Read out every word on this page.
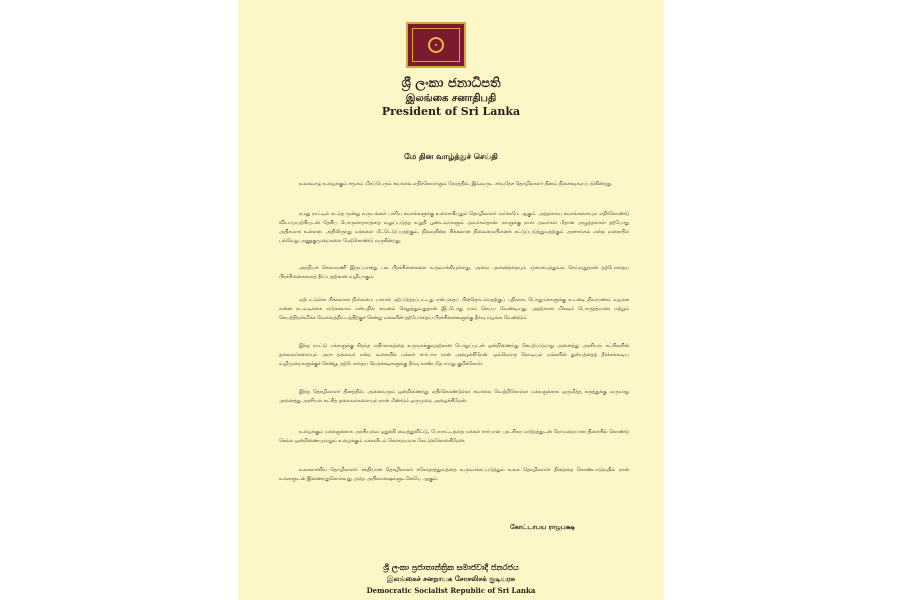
ශ්‍රී ලංකා ජනාධිපති
இலங்கை சனாதிபதி
President of Sri Lanka
மே தின வாழ்த்துச் செய்தி
உலகவாழ் உழைக்கும் சமூகம் மிகப்பெரும் சவாலை எதிர்கொள்ளும் நேரத்தில், இவ்வருட சர்வதேச தொழிலாளர் தினம் நினைவுகூரப்படுகின்றது.
நமது நாட்டில் கடந்த மூன்று வருடங்கள் பாரிய சவால்களுக்கு உள்ளாகியதும் தொழிலாளர் வர்க்கமே ஆகும். அத்தகைய சவால்களையும் எதிர்கொண்டு விடாமுயற்சியுடன் தேசிய பொருளாதாரத்தை வலுப்படுத்த உறுதி பூண்டவர்களும் அவர்கள்தான். நாளுக்கு நாள் அவர்கள் மீதான அழுத்தங்கள் தற்போது அதிகமாக உள்ளன. அதிலிருந்து மக்களை மீட்டெடுப்பதற்கும், நிலவுகின்ற சிக்கலான நிலைமையினைக் கட்டுப்படுத்துவதற்கும் அரசாங்கம் என்ற வகையில் பல்வேறு அணுகுமுறைகளை மேற்கொண்டு வருகின்றது.
அந்நியச் செலாவணி இருப்பானது பல பிரச்சினைகளை உருவாக்கியுள்ளது. அவை அனைத்தையும் முகாமைத்துவம் செய்வதுதான் தற்போதைய பிரச்சினைகளைத் தீர்ப்பதற்கான வழியாகும்.
ஏற்பட்டுள்ள சிக்கலான நிலைமை யாரால் ஏற்படுத்தப்பட்டது என்பதைப் பின்தொடர்வதற்குப் பதிலாக, பொதுமக்களுக்கு உடனடி நிவாரணம் வழங்க என்ன நடவடிக்கை எடுக்கலாம் என்பதில் கவனம் செலுத்துவதுதான் இப்போது நாம் செய்ய வேண்டியது. அதற்கான மிகவும் பொருத்தமான மற்றும் செயற்திறன்மிக்க வேலைத்திட்டத்திற்குச் சென்று மக்களின் தற்போதைய பிரச்சினைகளுக்கு தீர்வு வழங்க வேண்டும்.
இந்த நாட்டு மக்களுக்கு சிறந்த எதிர்காலத்தை உருவாக்குவதற்கான பொறுப்புடன் ஒன்றிணைந்து செயற்படுமாறு அனைத்து அரசியல் கட்சிகளின் தலைவர்களையும் அரச தலைவர் என்ற வகையில் மக்கள் சார்பாக நான் அழைக்கிறேன். ஒவ்வொரு நொடியும் மக்களின் துன்பத்தைத் தீர்க்கக்கூடிய வழிமுறைகளுக்குச் சென்று, தற்போதைய நெருக்கடிகளுக்கு தீர்வு காண்பதே எமது குறிக்கோள்.
இந்த தொழிலாளர் தினத்தில், அனைவரும் ஒன்றிணைந்து எதிர்கொண்டுள்ள சவாலை வெற்றிகொள்ள மக்களுக்காக ஒருமித்த கருத்துக்கு வருமாறு அனைத்து அரசியல் கட்சித் தலைவர்களையும் நான் மீண்டும் ஒருமுறை அழைக்கிறேன்.
உழைக்கும் மக்களுக்காக அரசியலை ஒதுக்கி வைத்துவிட்டு, போராட்டத்தை மக்கள் சார்பான புரட்சிகர மாற்றத்துடன் நேர்மறையான திசையில் கொண்டு செல்ல ஒன்றிணையுமாறும் உழைக்கும் மக்களிடம் கௌரவமாக கேட்டுக்கொள்கிறேன்.
உலகளாவிய தொழிலாளர் சக்தியான தொழிலாளர் சகோதரத்துவத்தை உருவாக்கப்படுத்தும் உலக தொழிலாளர் தினத்தை கொண்டாடுவதில் நான் உங்களுடன் இணைந்துகொள்வது அந்த அபிலாஷைகளுடனேயே ஆகும்.
கோட்டாபய ராஜபக்ஷ
ශ්‍රී ලංකා ප්‍රජාතාන්ත්‍රික සමාජවාදී ජනරජය
இலங்கைச் சனநாயக சோசலிசக் குடியரசு
Democratic Socialist Republic of Sri Lanka
